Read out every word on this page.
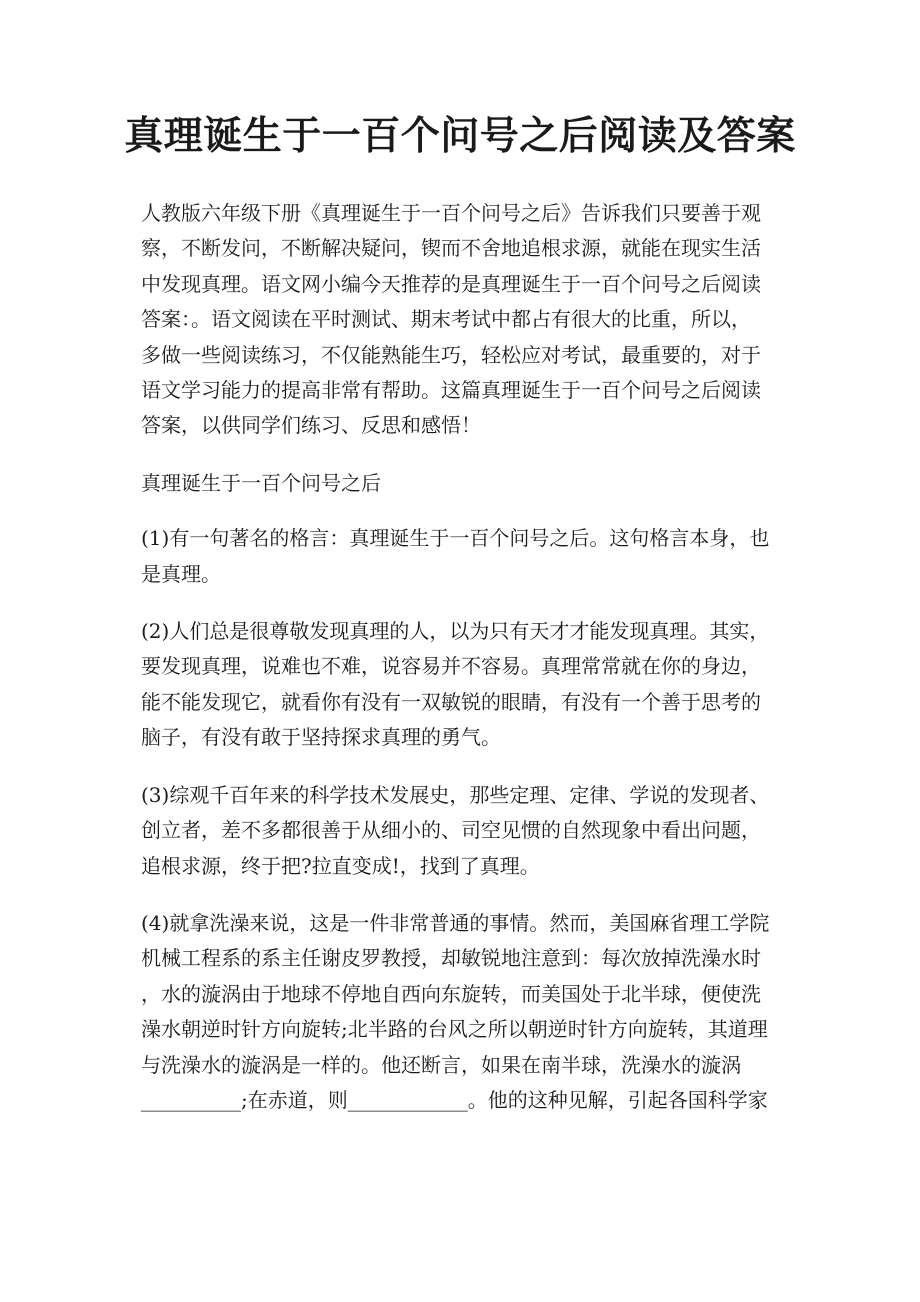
真理诞生于一百个问号之后阅读及答案

人教版六年级下册《真理诞生于一百个问号之后》告诉我们只要善于观
察，不断发问，不断解决疑问，锲而不舍地追根求源，就能在现实生活
中发现真理。语文网小编今天推荐的是真理诞生于一百个问号之后阅读
答案：。语文阅读在平时测试、期末考试中都占有很大的比重，所以，
多做一些阅读练习，不仅能熟能生巧，轻松应对考试，最重要的，对于
语文学习能力的提高非常有帮助。这篇真理诞生于一百个问号之后阅读
答案，以供同学们练习、反思和感悟！

真理诞生于一百个问号之后

(1)有一句著名的格言：真理诞生于一百个问号之后。这句格言本身，也
是真理。

(2)人们总是很尊敬发现真理的人，以为只有天才才能发现真理。其实，
要发现真理，说难也不难，说容易并不容易。真理常常就在你的身边，
能不能发现它，就看你有没有一双敏锐的眼睛，有没有一个善于思考的
脑子，有没有敢于坚持探求真理的勇气。

(3)综观千百年来的科学技术发展史，那些定理、定律、学说的发现者、
创立者，差不多都很善于从细小的、司空见惯的自然现象中看出问题，
追根求源，终于把?拉直变成!，找到了真理。

(4)就拿洗澡来说，这是一件非常普通的事情。然而，美国麻省理工学院
机械工程系的系主任谢皮罗教授，却敏锐地注意到：每次放掉洗澡水时
，水的漩涡由于地球不停地自西向东旋转，而美国处于北半球，便使洗
澡水朝逆时针方向旋转;北半路的台风之所以朝逆时针方向旋转，其道理
与洗澡水的漩涡是一样的。他还断言，如果在南半球，洗澡水的漩涡
__________;在赤道，则____________。他的这种见解，引起各国科学家
